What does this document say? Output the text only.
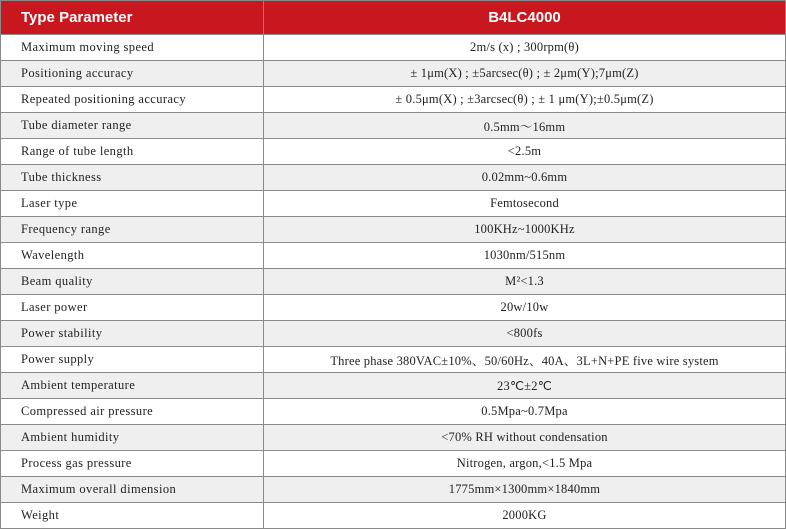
Type Parameter	B4LC4000
Maximum moving speed	2m/s (x) ; 300rpm(θ)
Positioning accuracy	± 1μm(X) ; ±5arcsec(θ) ; ± 2μm(Y);7μm(Z)
Repeated positioning accuracy	± 0.5μm(X) ; ±3arcsec(θ) ; ± 1 μm(Y);±0.5μm(Z)
Tube diameter range	0.5mm～16mm
Range of tube length	<2.5m
Tube thickness	0.02mm~0.6mm
Laser type	Femtosecond
Frequency range	100KHz~1000KHz
Wavelength	1030nm/515nm
Beam quality	M²<1.3
Laser power	20w/10w
Power stability	<800fs
Power supply	Three phase 380VAC±10%、50/60Hz、40A、3L+N+PE five wire system
Ambient temperature	23℃±2℃
Compressed air pressure	0.5Mpa~0.7Mpa
Ambient humidity	<70% RH without condensation
Process gas pressure	Nitrogen, argon,<1.5 Mpa
Maximum overall dimension	1775mm×1300mm×1840mm
Weight	2000KG
